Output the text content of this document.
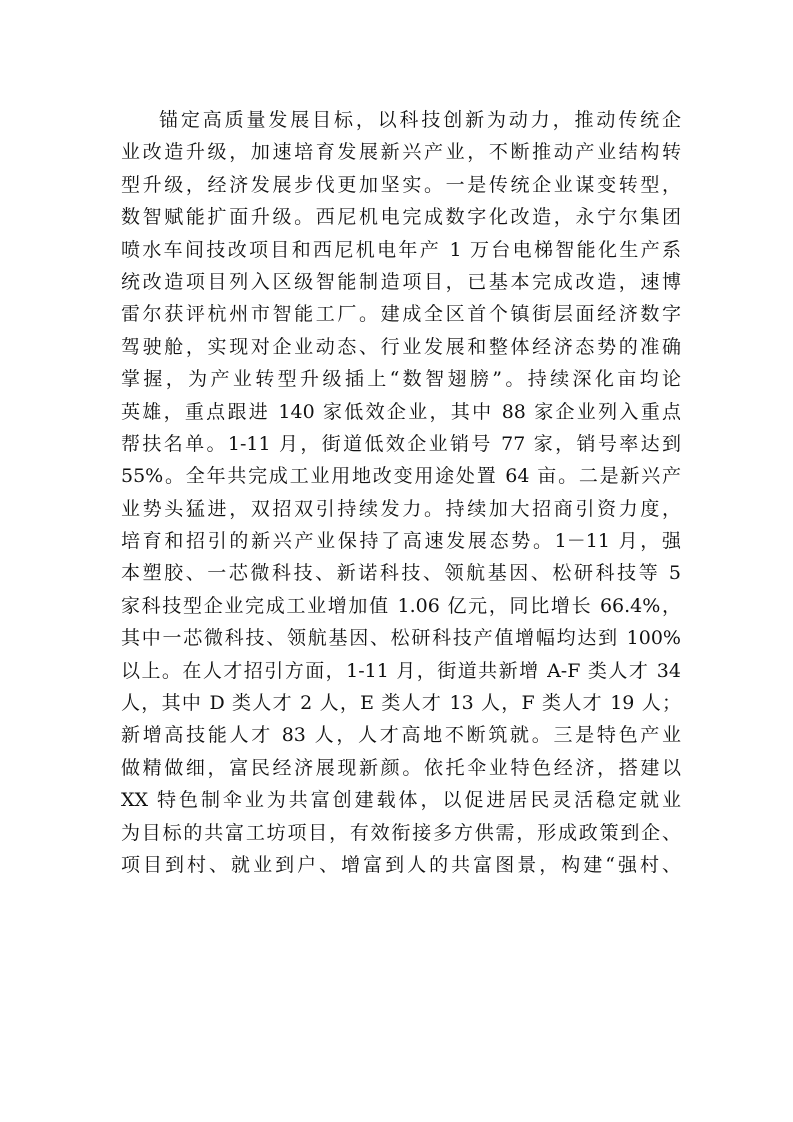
锚定高质量发展目标，以科技创新为动力，推动传统企
业改造升级，加速培育发展新兴产业，不断推动产业结构转
型升级，经济发展步伐更加坚实。一是传统企业谋变转型，
数智赋能扩面升级。西尼机电完成数字化改造，永宁尔集团
喷水车间技改项目和西尼机电年产 1 万台电梯智能化生产系
统改造项目列入区级智能制造项目，已基本完成改造，速博
雷尔获评杭州市智能工厂。建成全区首个镇街层面经济数字
驾驶舱，实现对企业动态、行业发展和整体经济态势的准确
掌握，为产业转型升级插上“数智翅膀”。持续深化亩均论
英雄，重点跟进 140 家低效企业，其中 88 家企业列入重点
帮扶名单。1-11 月，街道低效企业销号 77 家，销号率达到
55%。全年共完成工业用地改变用途处置 64 亩。二是新兴产
业势头猛进，双招双引持续发力。持续加大招商引资力度，
培育和招引的新兴产业保持了高速发展态势。1－11 月，强
本塑胶、一芯微科技、新诺科技、领航基因、松研科技等 5
家科技型企业完成工业增加值 1.06 亿元，同比增长 66.4%，
其中一芯微科技、领航基因、松研科技产值增幅均达到 100%
以上。在人才招引方面，1-11 月，街道共新增 A-F 类人才 34
人，其中 D 类人才 2 人，E 类人才 13 人，F 类人才 19 人；
新增高技能人才 83 人，人才高地不断筑就。三是特色产业
做精做细，富民经济展现新颜。依托伞业特色经济，搭建以
XX 特色制伞业为共富创建载体，以促进居民灵活稳定就业
为目标的共富工坊项目，有效衔接多方供需，形成政策到企、
项目到村、就业到户、增富到人的共富图景，构建“强村、
